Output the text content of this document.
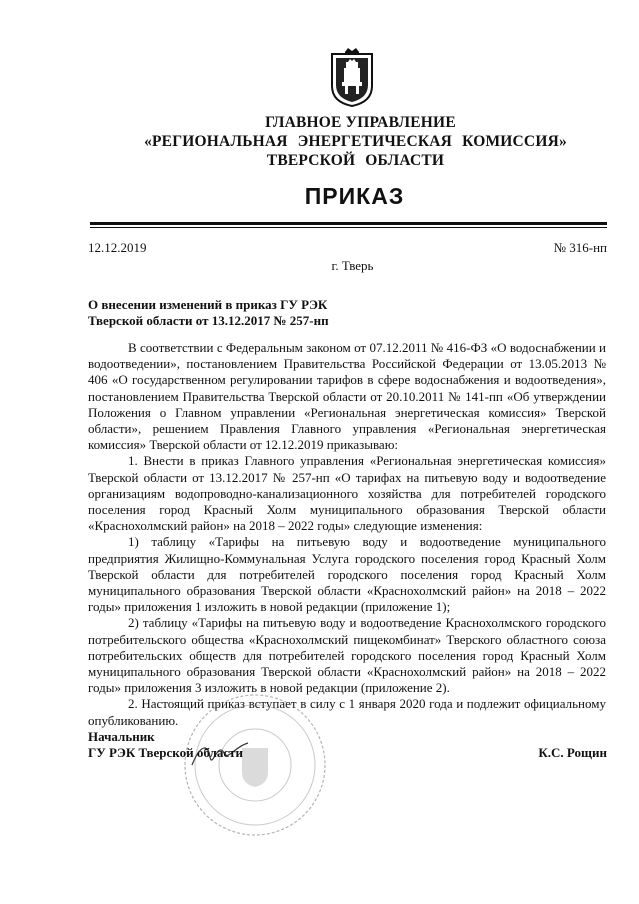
ГЛАВНОЕ УПРАВЛЕНИЕ
«РЕГИОНАЛЬНАЯ ЭНЕРГЕТИЧЕСКАЯ КОМИССИЯ»
ТВЕРСКОЙ ОБЛАСТИ
ПРИКАЗ
12.12.2019	№ 316-нп
г. Тверь
О внесении изменений в приказ ГУ РЭК
Тверской области от 13.12.2017 № 257-нп

В соответствии с Федеральным законом от 07.12.2011 № 416-ФЗ «О водоснабжении и водоотведении», постановлением Правительства Российской Федерации от 13.05.2013 № 406 «О государственном регулировании тарифов в сфере водоснабжения и водоотведения», постановлением Правительства Тверской области от 20.10.2011 № 141-пп «Об утверждении Положения о Главном управлении «Региональная энергетическая комиссия» Тверской области», решением Правления Главного управления «Региональная энергетическая комиссия» Тверской области от 12.12.2019 приказываю:

1. Внести в приказ Главного управления «Региональная энергетическая комиссия» Тверской области от 13.12.2017 № 257-нп «О тарифах на питьевую воду и водоотведение организациям водопроводно-канализационного хозяйства для потребителей городского поселения город Красный Холм муниципального образования Тверской области «Краснохолмский район» на 2018 – 2022 годы» следующие изменения:

1) таблицу «Тарифы на питьевую воду и водоотведение муниципального предприятия Жилищно-Коммунальная Услуга городского поселения город Красный Холм Тверской области для потребителей городского поселения город Красный Холм муниципального образования Тверской области «Краснохолмский район» на 2018 – 2022 годы» приложения 1 изложить в новой редакции (приложение 1);

2) таблицу «Тарифы на питьевую воду и водоотведение Краснохолмского городского потребительского общества «Краснохолмский пищекомбинат» Тверского областного союза потребительских обществ для потребителей городского поселения город Красный Холм муниципального образования Тверской области «Краснохолмский район» на 2018 – 2022 годы» приложения 3 изложить в новой редакции (приложение 2).

2. Настоящий приказ вступает в силу с 1 января 2020 года и подлежит официальному опубликованию.

Начальник
ГУ РЭК Тверской области	К.С. Рощин
